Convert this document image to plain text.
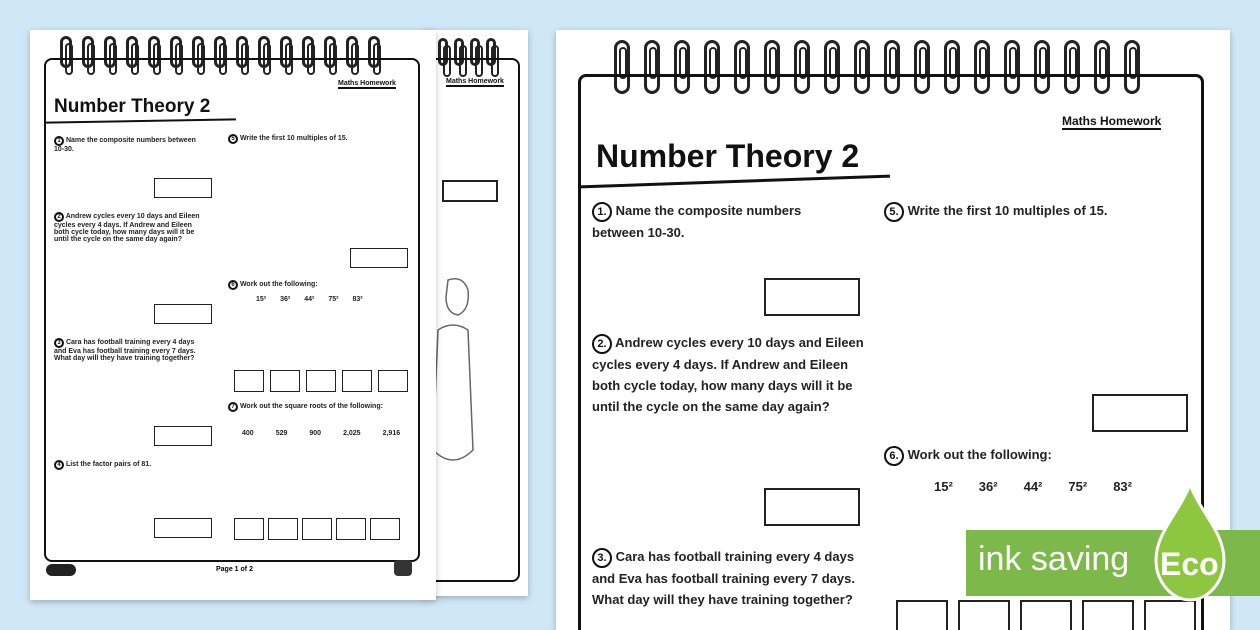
Maths Homework
Maths Homework
Number Theory 2
1 Name the composite numbers between 10-30.
2 Andrew cycles every 10 days and Eileen cycles every 4 days. If Andrew and Eileen both cycle today, how many days will it be until the cycle on the same day again?
3 Cara has football training every 4 days and Eva has football training every 7 days. What day will they have training together?
4 List the factor pairs of 81.
5 Write the first 10 multiples of 15.
6 Work out the following:
15² 36² 44² 75² 83²
7 Work out the square roots of the following:
400	529	900	2,025	2,916
Page 1 of 2
Maths Homework
Number Theory 2
1. Name the composite numbers between 10-30.
2. Andrew cycles every 10 days and Eileen cycles every 4 days. If Andrew and Eileen both cycle today, how many days will it be until the cycle on the same day again?
3. Cara has football training every 4 days and Eva has football training every 7 days. What day will they have training together?
5. Write the first 10 multiples of 15.
6. Work out the following:
15² 36² 44² 75² 83²
ink saving Eco
